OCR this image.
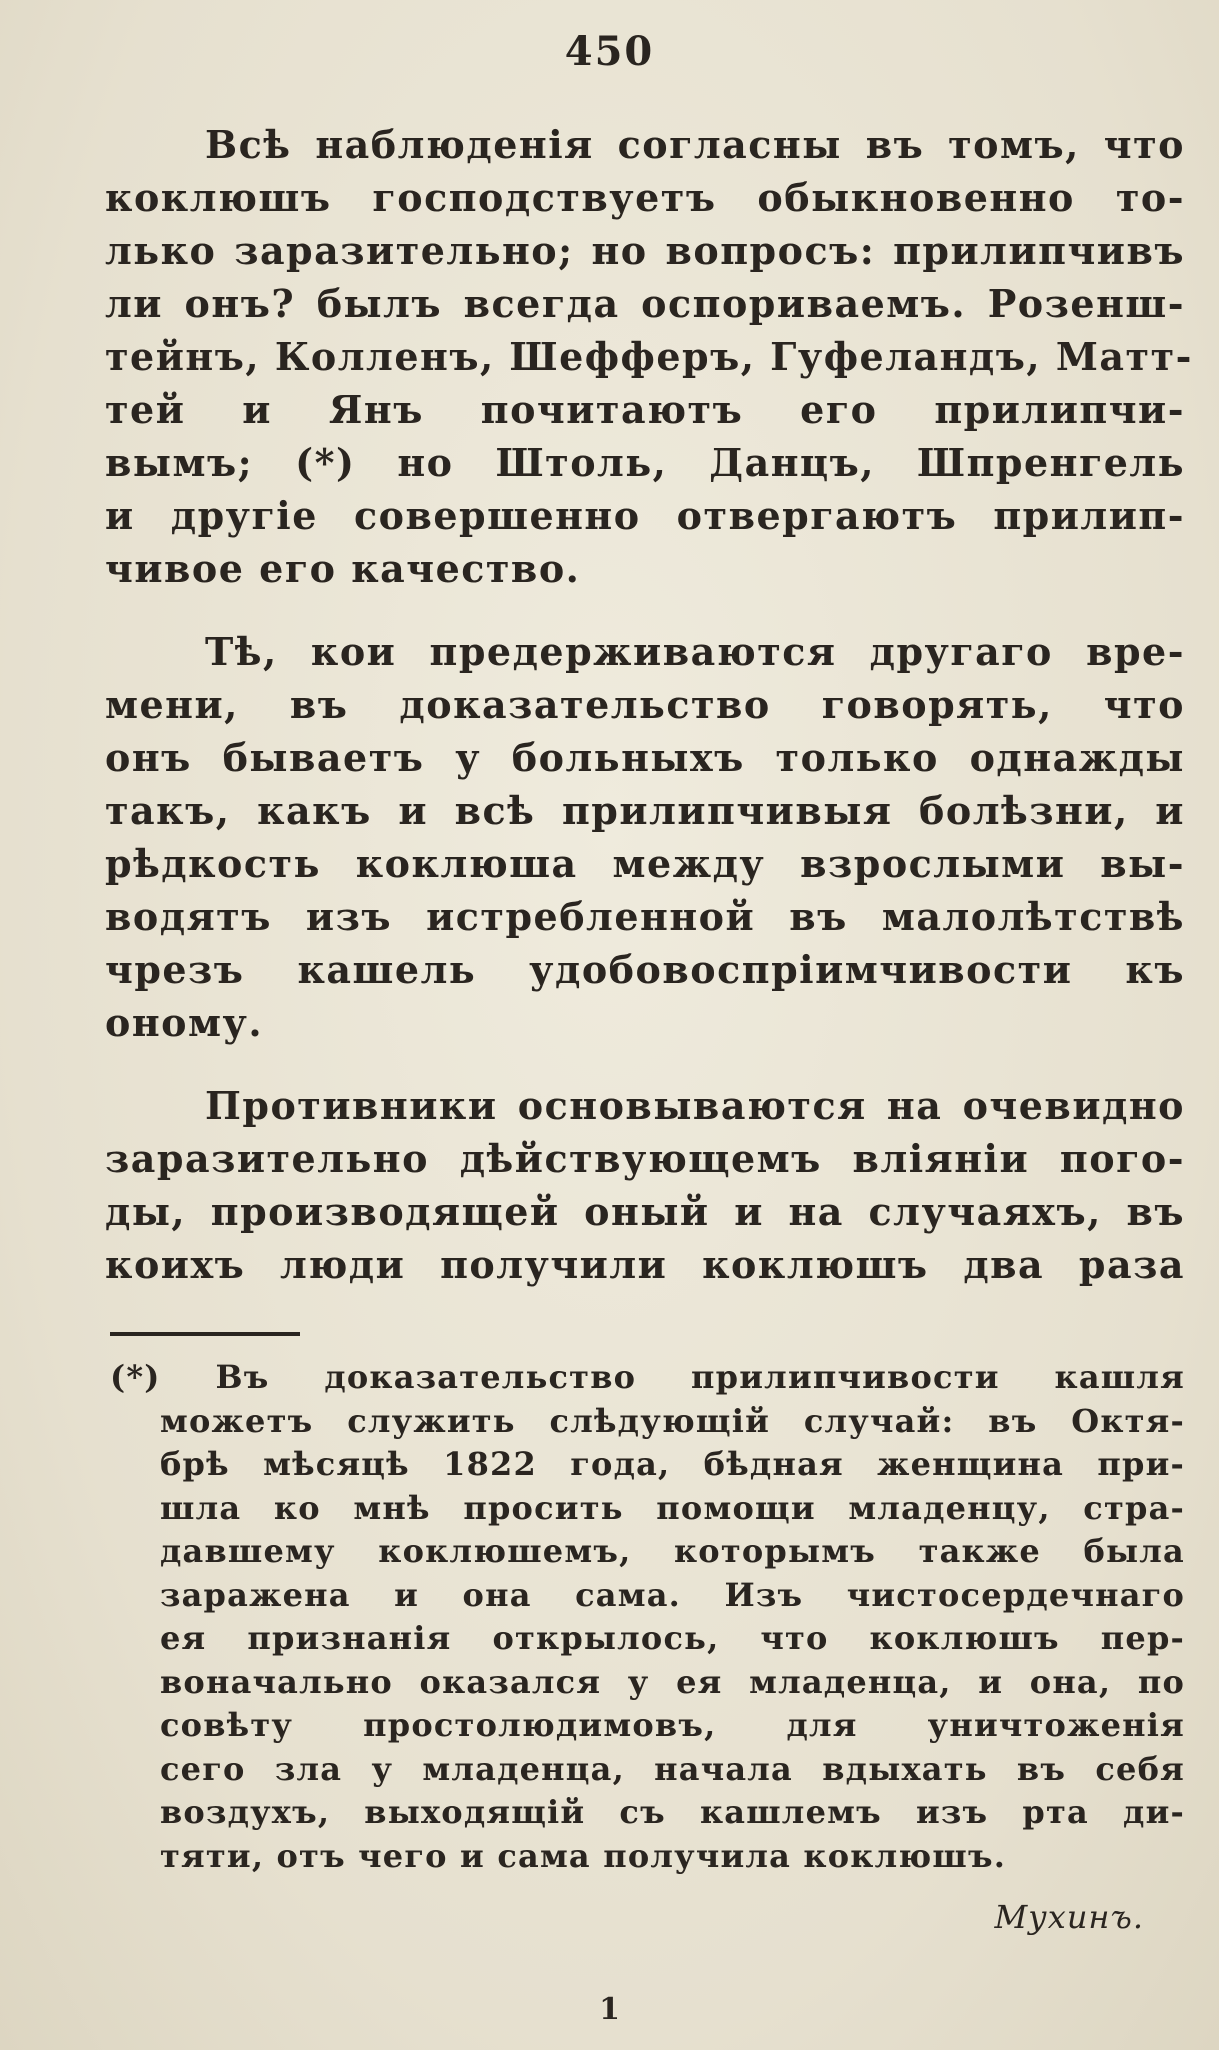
450

Всѣ наблюденія согласны въ томъ, что
коклюшъ господствуетъ обыкновенно то-
лько заразительно; но вопросъ: прилипчивъ
ли онъ? былъ всегда оспориваемъ. Розенш-
тейнъ, Колленъ, Шефферъ, Гуфеландъ, Матт-
тей и Янъ почитаютъ его прилипчи-
вымъ; (*) но Штоль, Данцъ, Шпренгель
и другіе совершенно отвергаютъ прилип-
чивое его качество.

Тѣ, кои предерживаются другаго вре-
мени, въ доказательство говорять, что
онъ бываетъ у больныхъ только однажды
такъ, какъ и всѣ прилипчивыя болѣзни, и
рѣдкость коклюша между взрослыми вы-
водятъ изъ истребленной въ малолѣтствѣ
чрезъ кашель удобовоспріимчивости къ
оному.

Противники основываются на очевидно
заразительно дѣйствующемъ вліяніи пого-
ды, производящей оный и на случаяхъ, въ
коихъ люди получили коклюшъ два раза

(*) Въ доказательство прилипчивости кашля
можетъ служить слѣдующій случай: въ Октя-
брѣ мѣсяцѣ 1822 года, бѣдная женщина при-
шла ко мнѣ просить помощи младенцу, стра-
давшему коклюшемъ, которымъ также была
заражена и она сама. Изъ чистосердечнаго
ея признанія открылось, что коклюшъ пер-
воначально оказался у ея младенца, и она, по
совѣту простолюдимовъ, для уничтоженія
сего зла у младенца, начала вдыхать въ себя
воздухъ, выходящій съ кашлемъ изъ рта ди-
тяти, отъ чего и сама получила коклюшъ.
Мухинъ.
1
